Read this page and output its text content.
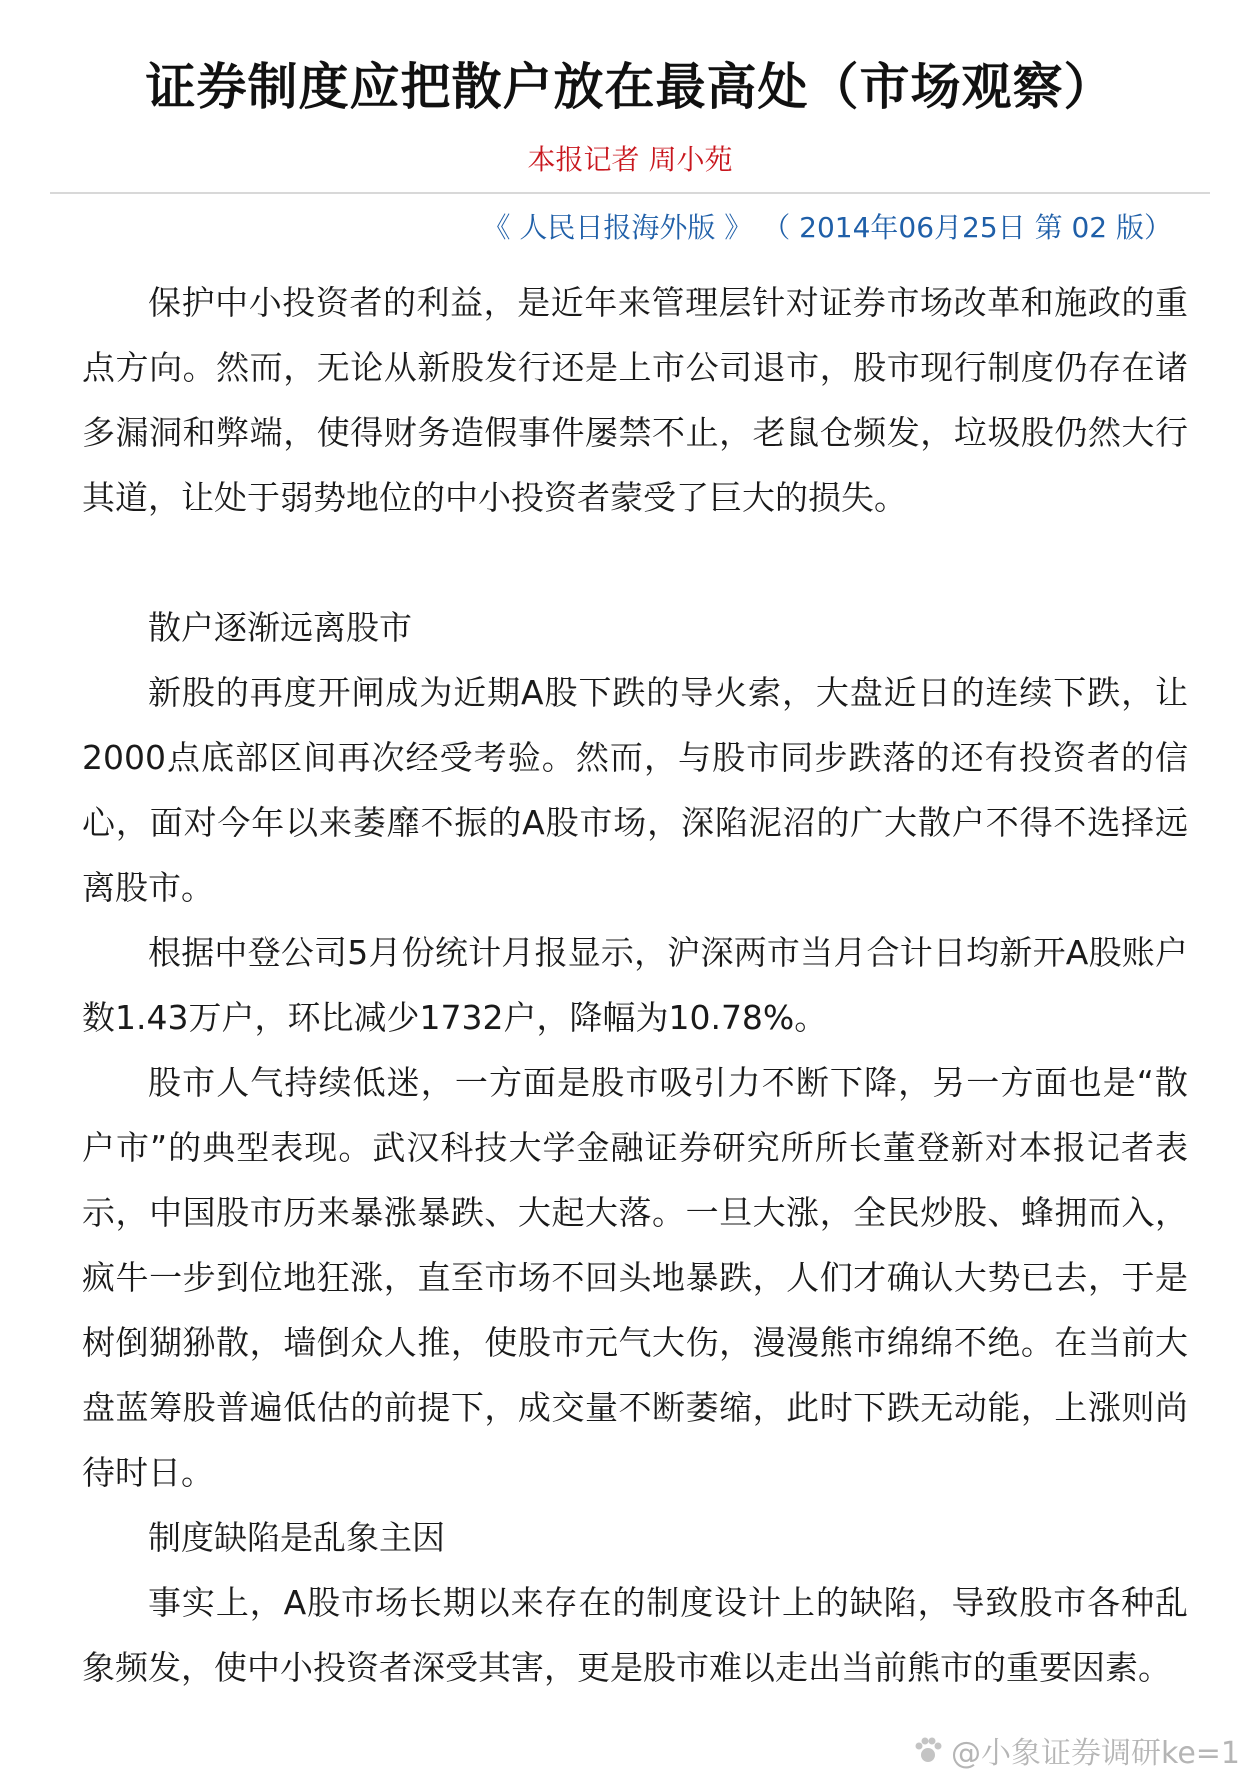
证券制度应把散户放在最高处（市场观察）
本报记者 周小苑
《 人民日报海外版 》 （ 2014年06月25日 第 02 版）

保护中小投资者的利益，是近年来管理层针对证券市场改革和施政的重点方向。然而，无论从新股发行还是上市公司退市，股市现行制度仍存在诸多漏洞和弊端，使得财务造假事件屡禁不止，老鼠仓频发，垃圾股仍然大行其道，让处于弱势地位的中小投资者蒙受了巨大的损失。

散户逐渐远离股市

新股的再度开闸成为近期A股下跌的导火索，大盘近日的连续下跌，让2000点底部区间再次经受考验。然而，与股市同步跌落的还有投资者的信心，面对今年以来萎靡不振的A股市场，深陷泥沼的广大散户不得不选择远离股市。

根据中登公司5月份统计月报显示，沪深两市当月合计日均新开A股账户数1.43万户，环比减少1732户，降幅为10.78%。

股市人气持续低迷，一方面是股市吸引力不断下降，另一方面也是“散户市”的典型表现。武汉科技大学金融证券研究所所长董登新对本报记者表示，中国股市历来暴涨暴跌、大起大落。一旦大涨，全民炒股、蜂拥而入，疯牛一步到位地狂涨，直至市场不回头地暴跌，人们才确认大势已去，于是树倒猢狲散，墙倒众人推，使股市元气大伤，漫漫熊市绵绵不绝。在当前大盘蓝筹股普遍低估的前提下，成交量不断萎缩，此时下跌无动能，上涨则尚待时日。

制度缺陷是乱象主因

事实上，A股市场长期以来存在的制度设计上的缺陷，导致股市各种乱象频发，使中小投资者深受其害，更是股市难以走出当前熊市的重要因素。

@小象证券调研ke=1
